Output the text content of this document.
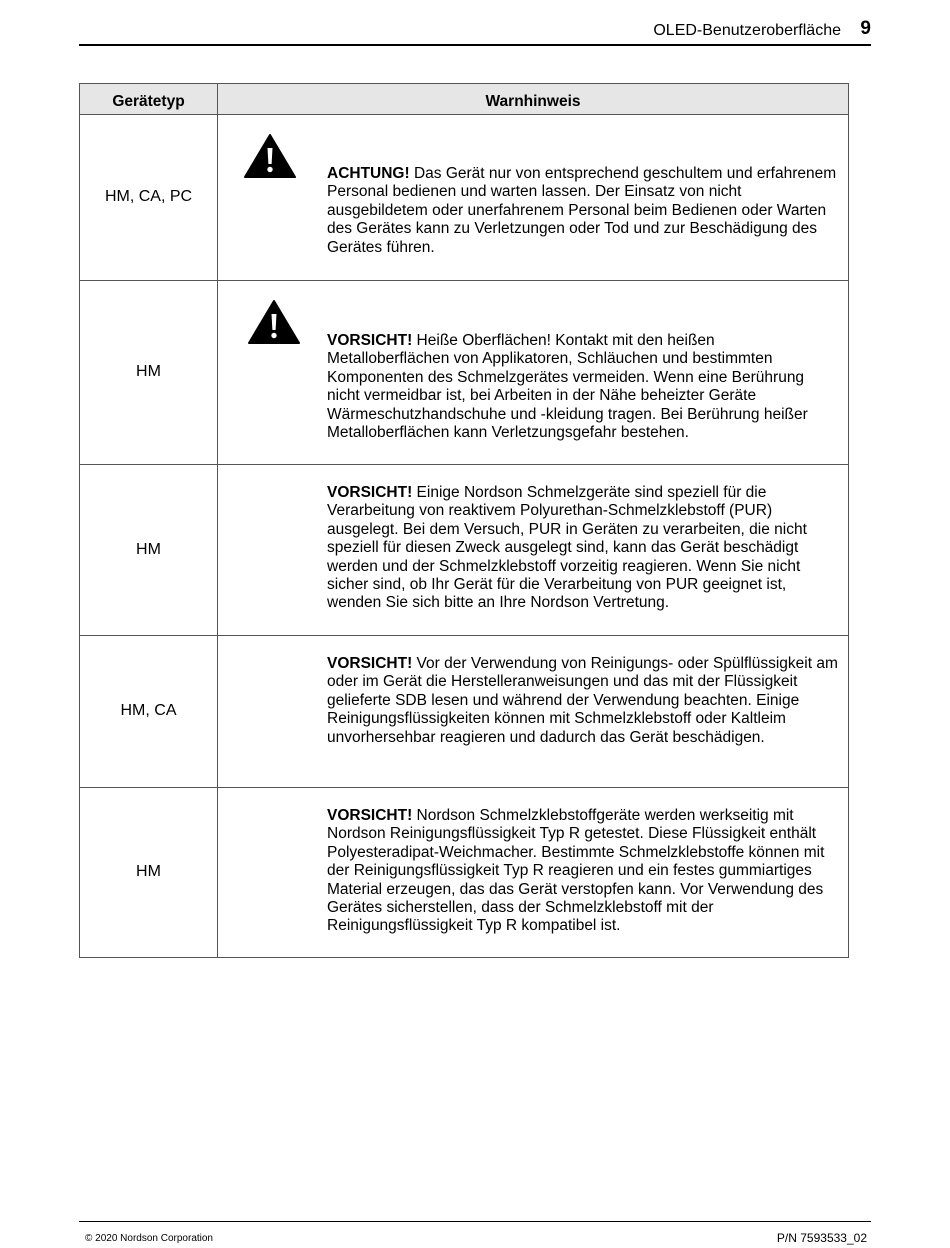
OLED-Benutzeroberfläche 9
Gerätetyp	Warnhinweis

HM, CA, PC	ACHTUNG! Das Gerät nur von entsprechend geschultem und erfahrenem Personal bedienen und warten lassen. Der Einsatz von nicht ausgebildetem oder unerfahrenem Personal beim Bedienen oder Warten des Gerätes kann zu Verletzungen oder Tod und zur Beschädigung des Gerätes führen.

HM	VORSICHT! Heiße Oberflächen! Kontakt mit den heißen Metalloberflächen von Applikatoren, Schläuchen und bestimmten Komponenten des Schmelzgerätes vermeiden. Wenn eine Berührung nicht vermeidbar ist, bei Arbeiten in der Nähe beheizter Geräte Wärmeschutzhandschuhe und -kleidung tragen. Bei Berührung heißer Metalloberflächen kann Verletzungsgefahr bestehen.

HM	VORSICHT! Einige Nordson Schmelzgeräte sind speziell für die Verarbeitung von reaktivem Polyurethan-Schmelzklebstoff (PUR) ausgelegt. Bei dem Versuch, PUR in Geräten zu verarbeiten, die nicht speziell für diesen Zweck ausgelegt sind, kann das Gerät beschädigt werden und der Schmelzklebstoff vorzeitig reagieren. Wenn Sie nicht sicher sind, ob Ihr Gerät für die Verarbeitung von PUR geeignet ist, wenden Sie sich bitte an Ihre Nordson Vertretung.

HM, CA	VORSICHT! Vor der Verwendung von Reinigungs- oder Spülflüssigkeit am oder im Gerät die Herstelleranweisungen und das mit der Flüssigkeit gelieferte SDB lesen und während der Verwendung beachten. Einige Reinigungsflüssigkeiten können mit Schmelzklebstoff oder Kaltleim unvorhersehbar reagieren und dadurch das Gerät beschädigen.

HM	VORSICHT! Nordson Schmelzklebstoffgeräte werden werkseitig mit Nordson Reinigungsflüssigkeit Typ R getestet. Diese Flüssigkeit enthält Polyesteradipat-Weichmacher. Bestimmte Schmelzklebstoffe können mit der Reinigungsflüssigkeit Typ R reagieren und ein festes gummiartiges Material erzeugen, das das Gerät verstopfen kann. Vor Verwendung des Gerätes sicherstellen, dass der Schmelzklebstoff mit der Reinigungsflüssigkeit Typ R kompatibel ist.
© 2020 Nordson Corporation	P/N 7593533_02
